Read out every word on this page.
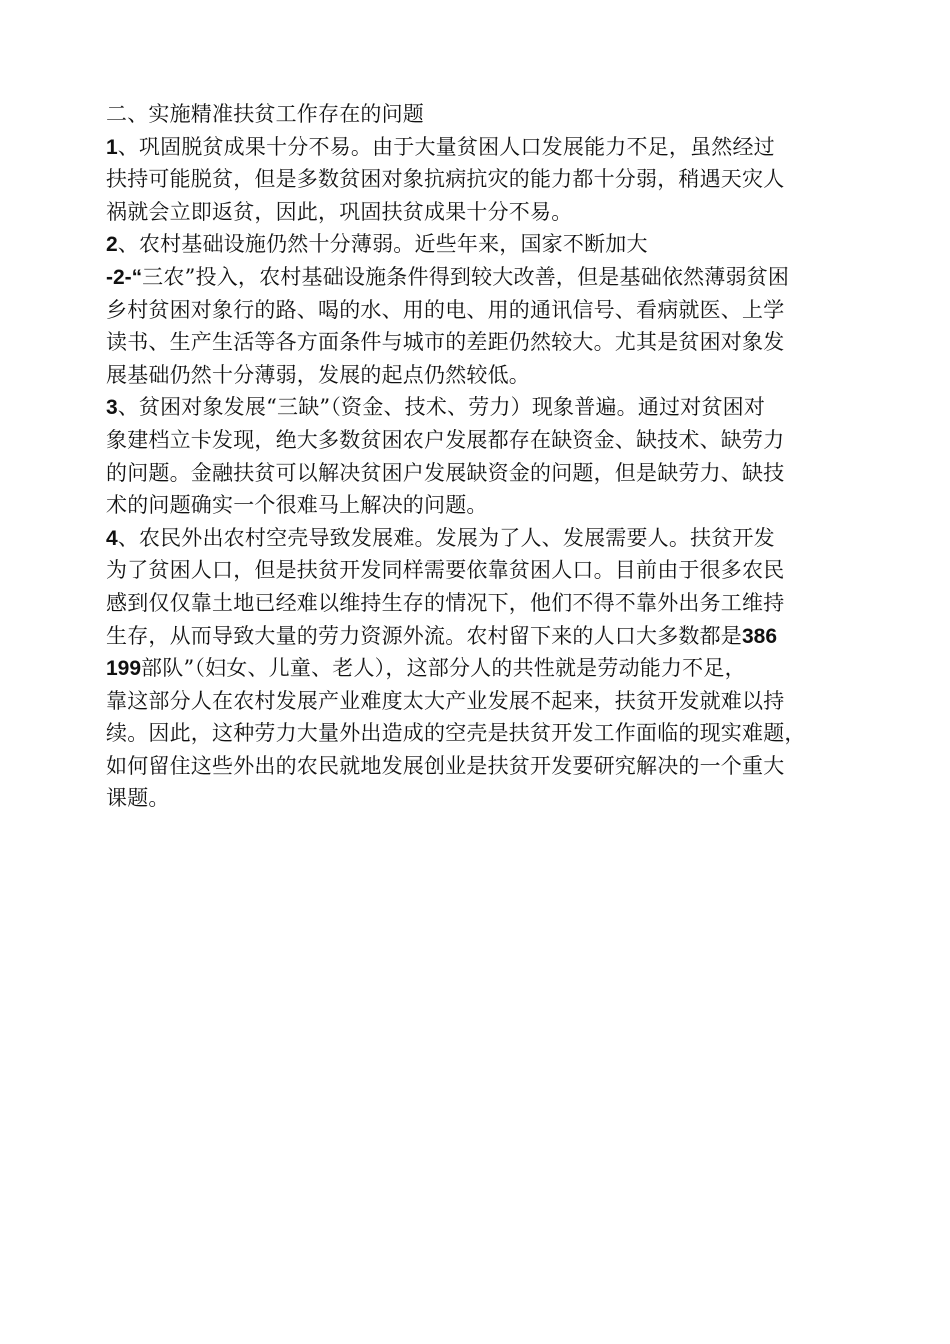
二、实施精准扶贫工作存在的问题
1、巩固脱贫成果十分不易。由于大量贫困人口发展能力不足，虽然经过
扶持可能脱贫，但是多数贫困对象抗病抗灾的能力都十分弱，稍遇天灾人
祸就会立即返贫，因此，巩固扶贫成果十分不易。
2、农村基础设施仍然十分薄弱。近些年来，国家不断加大
-2-“三农”投入，农村基础设施条件得到较大改善，但是基础依然薄弱贫困
乡村贫困对象行的路、喝的水、用的电、用的通讯信号、看病就医、上学
读书、生产生活等各方面条件与城市的差距仍然较大。尤其是贫困对象发
展基础仍然十分薄弱，发展的起点仍然较低。
3、贫困对象发展“三缺”（资金、技术、劳力）现象普遍。通过对贫困对
象建档立卡发现，绝大多数贫困农户发展都存在缺资金、缺技术、缺劳力
的问题。金融扶贫可以解决贫困户发展缺资金的问题，但是缺劳力、缺技
术的问题确实一个很难马上解决的问题。
4、农民外出农村空壳导致发展难。发展为了人、发展需要人。扶贫开发
为了贫困人口，但是扶贫开发同样需要依靠贫困人口。目前由于很多农民
感到仅仅靠土地已经难以维持生存的情况下，他们不得不靠外出务工维持
生存，从而导致大量的劳力资源外流。农村留下来的人口大多数都是386
199部队”（妇女、儿童、老人），这部分人的共性就是劳动能力不足，
靠这部分人在农村发展产业难度太大产业发展不起来，扶贫开发就难以持
续。因此，这种劳力大量外出造成的空壳是扶贫开发工作面临的现实难题，
如何留住这些外出的农民就地发展创业是扶贫开发要研究解决的一个重大
课题。
